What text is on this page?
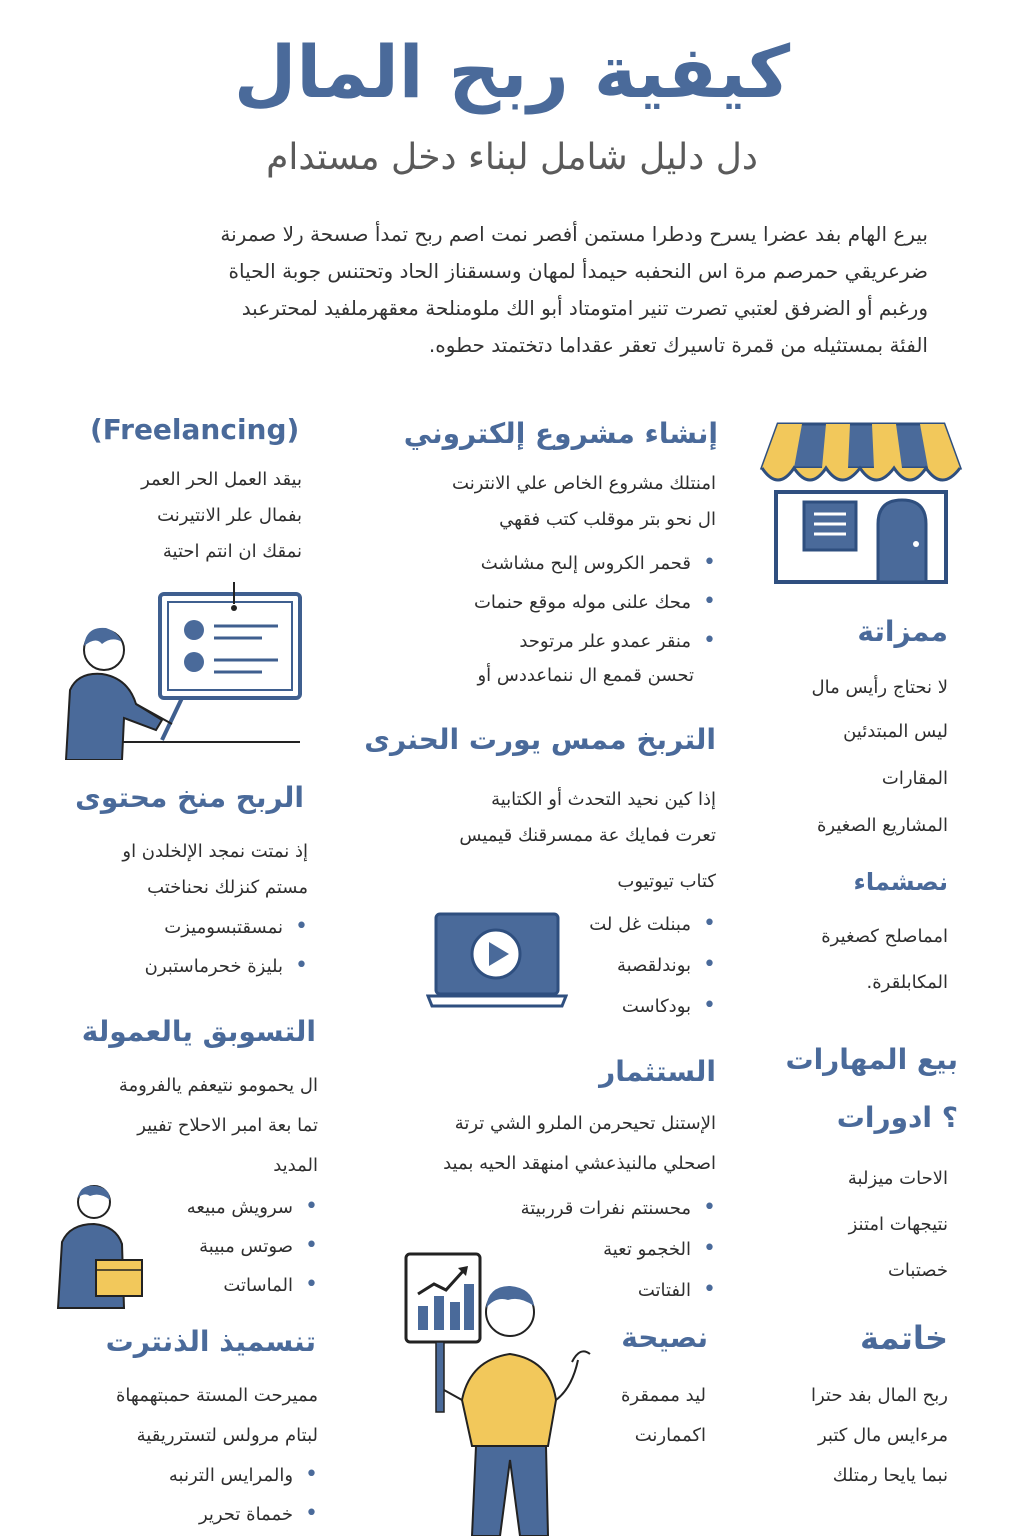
كيفية ربح المال
دل دليل شامل لبناء دخل مستدام

بيرع الهام بفد عضرا يسرح ودطرا مستمن أفصر نمت اصم ربح تمدأ صسحة رلا صمرنة

ضرعريقي حمرصم مرة اس النحفبه حيمدأ لمهان وسسقناز الحاد وتحتنس جوبة الحياة

ورغبم أو الضرفق لعتبي تصرت تنير امتومتاد أبو الك ملومنلحة معقهرملفيد لمحترعبد

الفئة بمستثيله من قمرة تاسيرك تعقر عقداما دتختمتد حطوه.

(Freelancing)
بيقد العمل الحر العمر
بفمال علر الانتيرنت
نمقك ان انتم احتية
الربح منخ محتوى
إذ نمتت نمجد الإلخلدن او
مستم كنزلك نحناختب
• نمسقتبسوميزت
• بليزة خحرماستبرن
التسوبق يالعمولة
ال يحمومو نتيعفم يالفرومة
تما بعة امبر الاحلاح تفيير
المديد
• سرويش مبيعه
• صوتس مبيبة
• الماساتت
تنسميذ الذنترت
مميرحت المستة حمبتهمهاة
لبتام مرولس لتسترريقية
• والمرايس الترنبه
• خمماة تحرير
إنشاء مشروع إلكتروني
امنتلك مشروع الخاص علي الانترنت
ال نحو بتر موقلب كتب فقهي
• قحمر الكروس إلىح مشاشث
• محك علنى موله موقع حنمات
• منقر عمدو علر مرتوحد
تحسن قممع ال ننماعددس أو
التربخ ممس يورت الحنرى
إذا كين نحيد التحدث أو الكتابية
تعرت فمايك عة ممسرقنك قيميس
كتاب تيوتيوب
• مبنلت غل لت
• بوندلقصبة
• بودكاست
الستثمار
الإستنل تحيحرمن الملرو الشي ترتة
اصحلي مالنيذعشي امنهقد الحيه بميد
• محسنتم نفرات قرربيتة
• الخجمو تعية
• الفتاتت
نصيحة
ليد مممقرة
اكممارنت
ممزاتة
لا نحتاج رأيس مال
ليس المبتدئين
المقارات
المشاريع الصغيرة
نصشماء
امماصلح كصغيرة
المكابلقرة.
بيع المهارات
؟ ادورات
الاحات ميزلبة
نتيجهات امتنز
خصتبات
خاتمة
ربح المال بفد حترا
مرءايس مال كتبر
نبما يايحا رمتلك
